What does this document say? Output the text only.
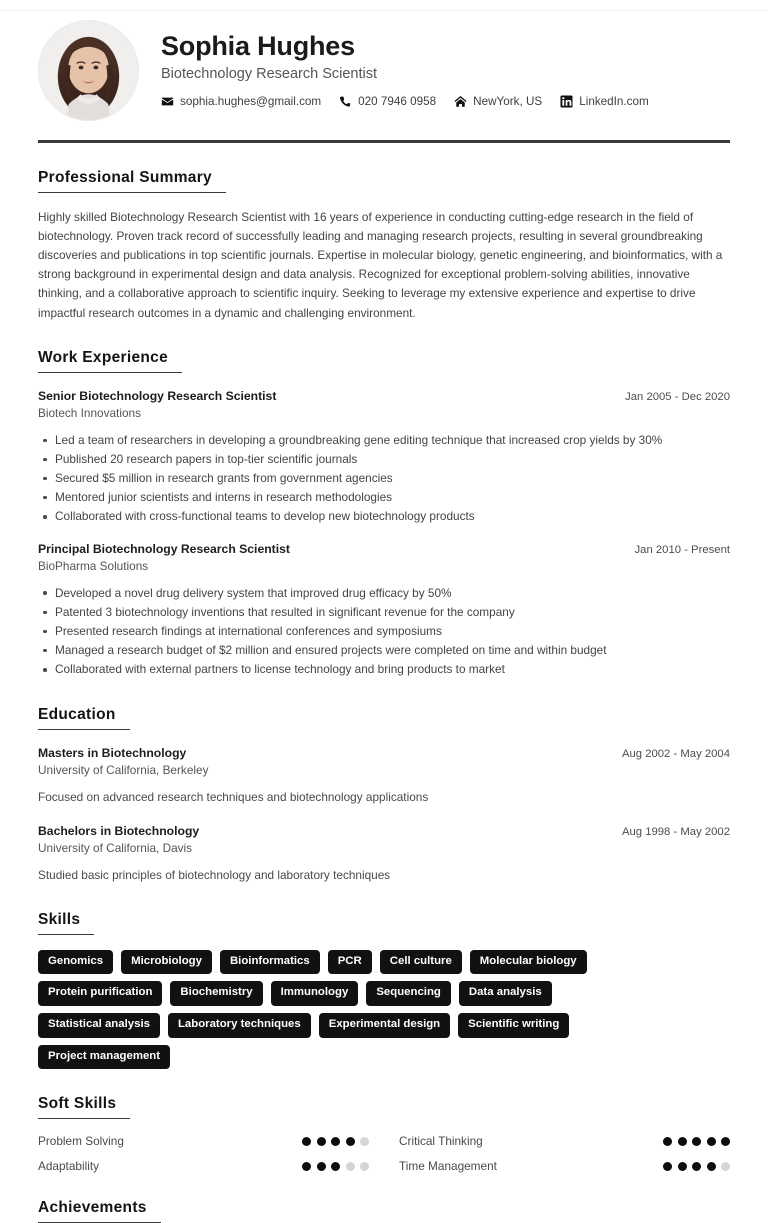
Sophia Hughes
Biotechnology Research Scientist
sophia.hughes@gmail.com	020 7946 0958	NewYork, US	LinkedIn.com
Professional Summary

Highly skilled Biotechnology Research Scientist with 16 years of experience in conducting cutting-edge research in the field of biotechnology. Proven track record of successfully leading and managing research projects, resulting in several groundbreaking discoveries and publications in top scientific journals. Expertise in molecular biology, genetic engineering, and bioinformatics, with a strong background in experimental design and data analysis. Recognized for exceptional problem-solving abilities, innovative thinking, and a collaborative approach to scientific inquiry. Seeking to leverage my extensive experience and expertise to drive impactful research outcomes in a dynamic and challenging environment.

Work Experience
Senior Biotechnology Research Scientist	Jan 2005 - Dec 2020
Biotech Innovations
Led a team of researchers in developing a groundbreaking gene editing technique that increased crop yields by 30%
Published 20 research papers in top-tier scientific journals
Secured $5 million in research grants from government agencies
Mentored junior scientists and interns in research methodologies
Collaborated with cross-functional teams to develop new biotechnology products
Principal Biotechnology Research Scientist	Jan 2010 - Present
BioPharma Solutions
Developed a novel drug delivery system that improved drug efficacy by 50%
Patented 3 biotechnology inventions that resulted in significant revenue for the company
Presented research findings at international conferences and symposiums
Managed a research budget of $2 million and ensured projects were completed on time and within budget
Collaborated with external partners to license technology and bring products to market
Education
Masters in Biotechnology	Aug 2002 - May 2004
University of California, Berkeley
Focused on advanced research techniques and biotechnology applications
Bachelors in Biotechnology	Aug 1998 - May 2002
University of California, Davis
Studied basic principles of biotechnology and laboratory techniques
Skills
Genomics	Microbiology	Bioinformatics	PCR	Cell culture	Molecular biology
Protein purification	Biochemistry	Immunology	Sequencing	Data analysis
Statistical analysis	Laboratory techniques	Experimental design	Scientific writing
Project management
Soft Skills
Problem Solving	Critical Thinking
Adaptability	Time Management
Achievements
